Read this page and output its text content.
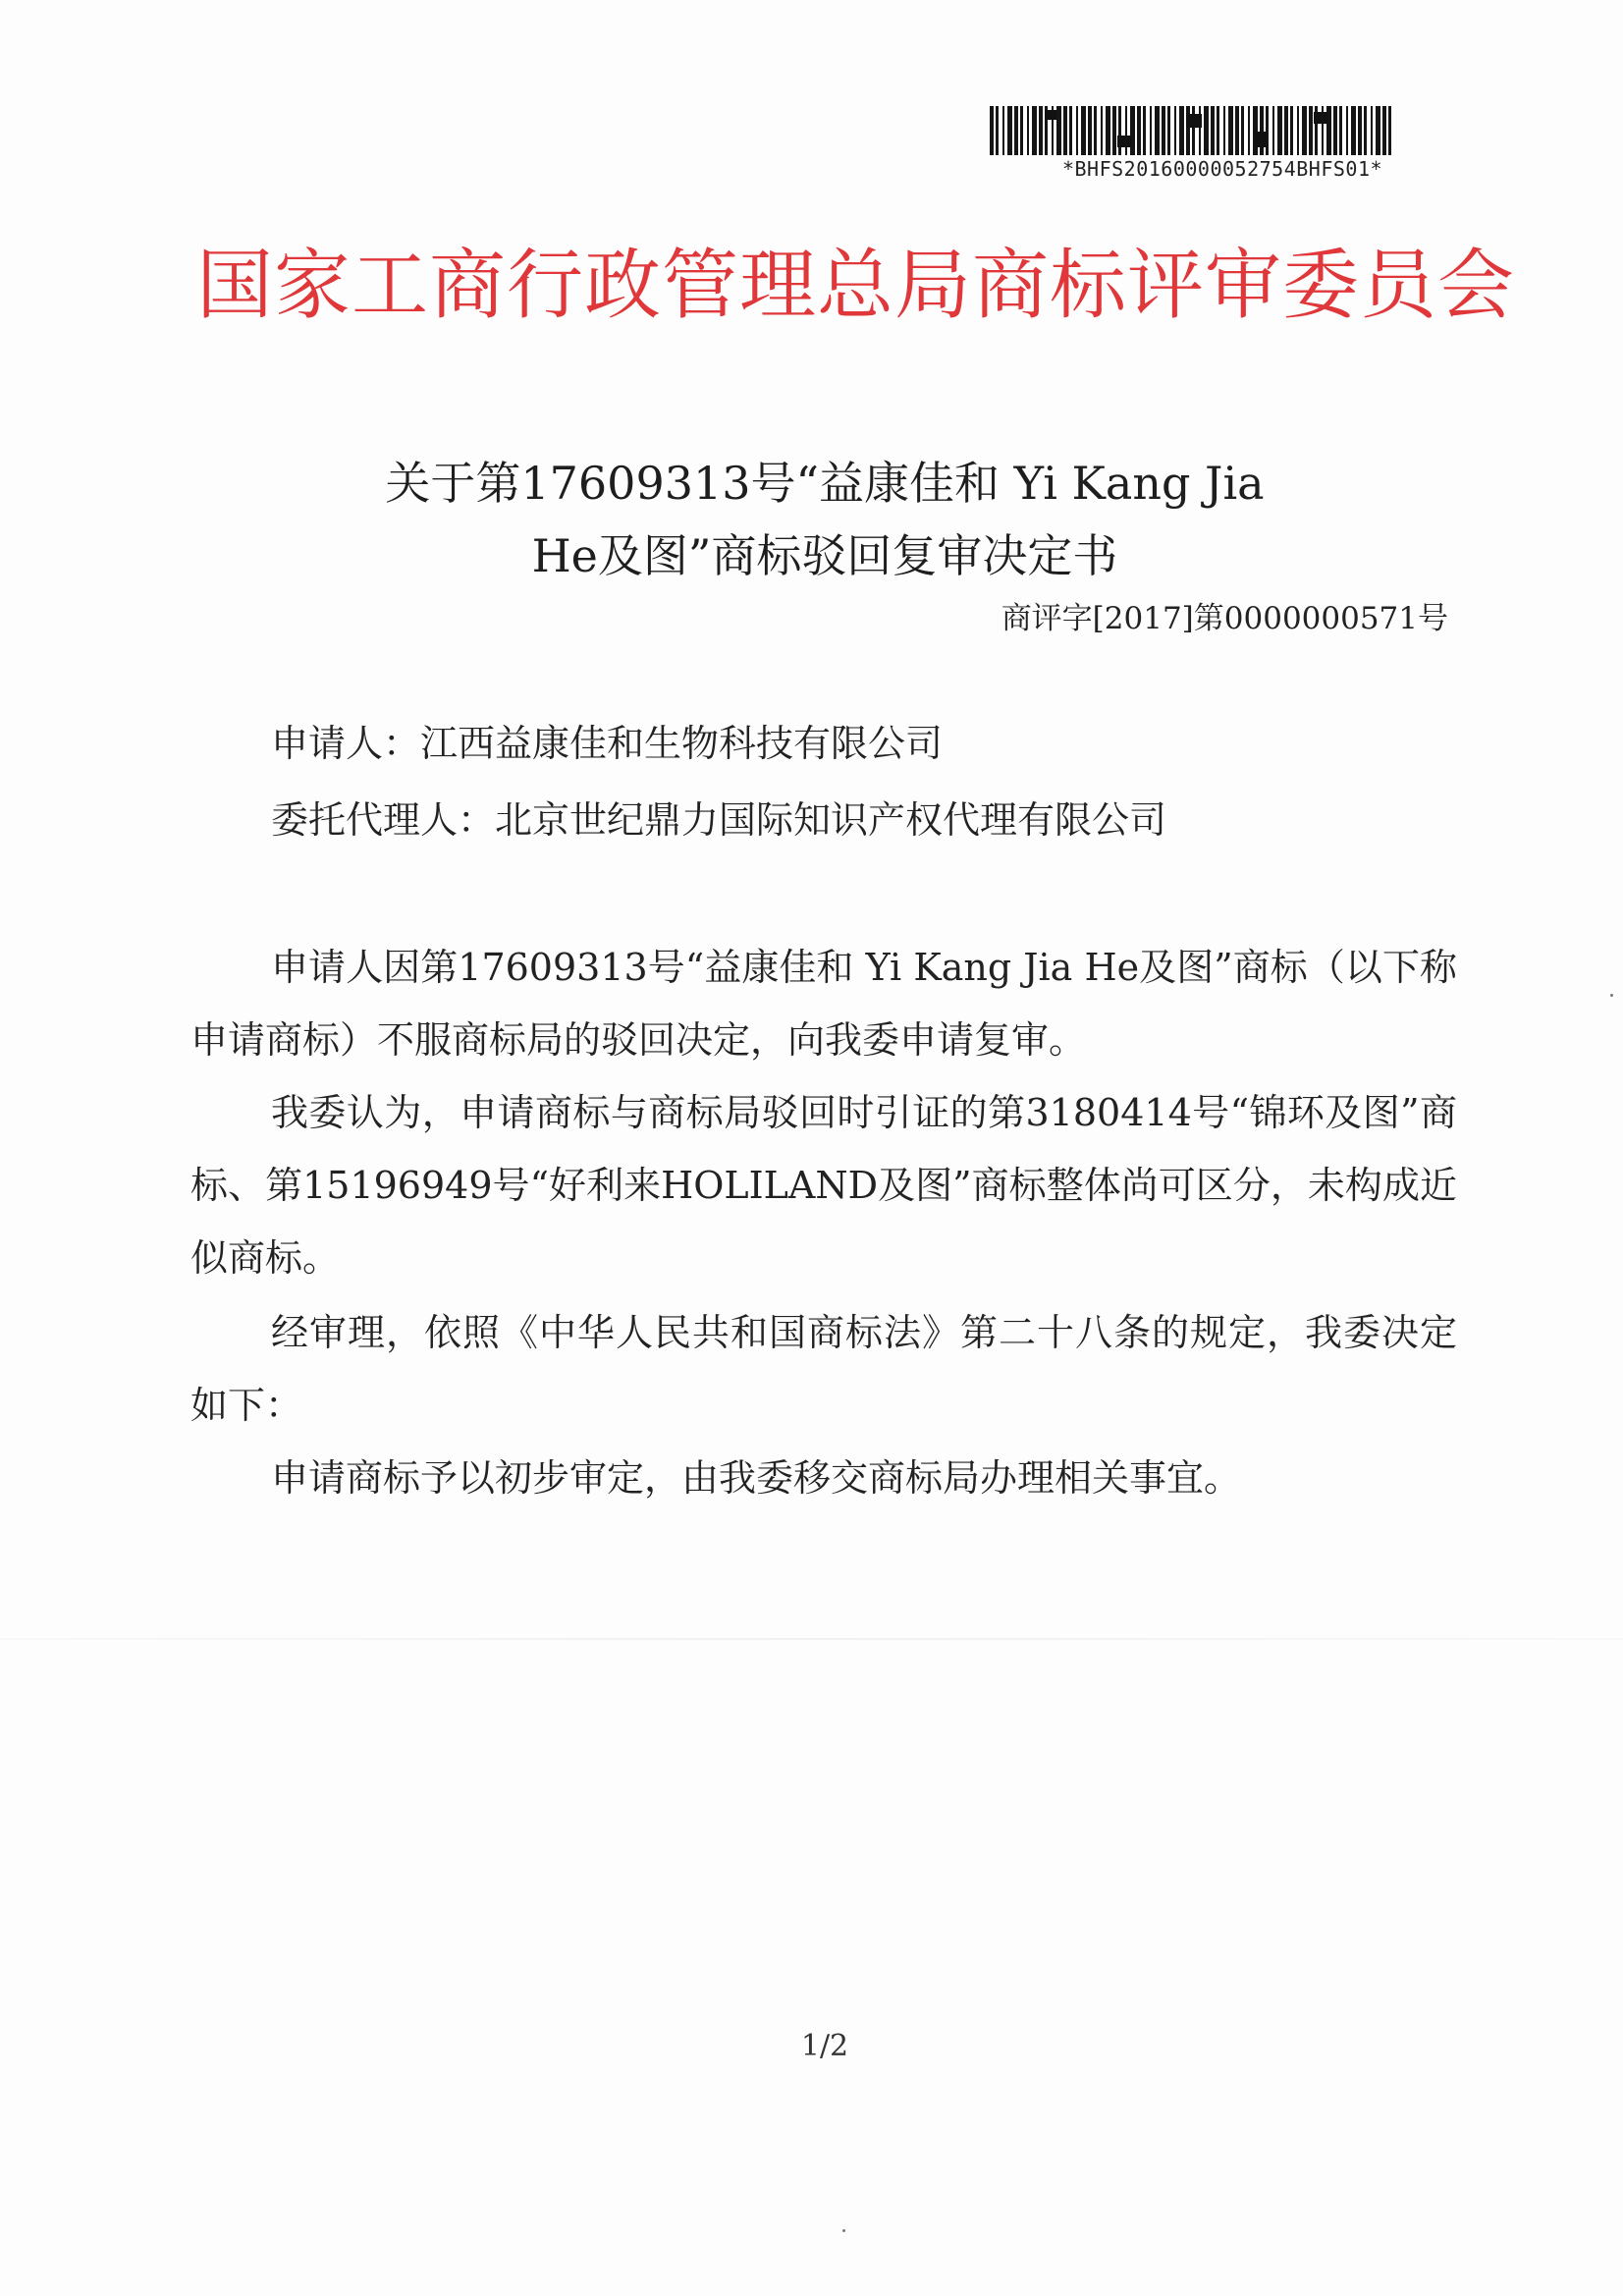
*BHFS20160000052754BHFS01*
国家工商行政管理总局商标评审委员会
关于第17609313号“益康佳和 Yi Kang Jia
He及图”商标驳回复审决定书
商评字[2017]第0000000571号
申请人：江西益康佳和生物科技有限公司
委托代理人：北京世纪鼎力国际知识产权代理有限公司
申请人因第17609313号“益康佳和 Yi Kang Jia He及图”商标（以下称申请商标）不服商标局的驳回决定，向我委申请复审。
我委认为，申请商标与商标局驳回时引证的第3180414号“锦环及图”商标、第15196949号“好利来HOLILAND及图”商标整体尚可区分，未构成近似商标。
经审理，依照《中华人民共和国商标法》第二十八条的规定，我委决定如下：
申请商标予以初步审定，由我委移交商标局办理相关事宜。
1/2
